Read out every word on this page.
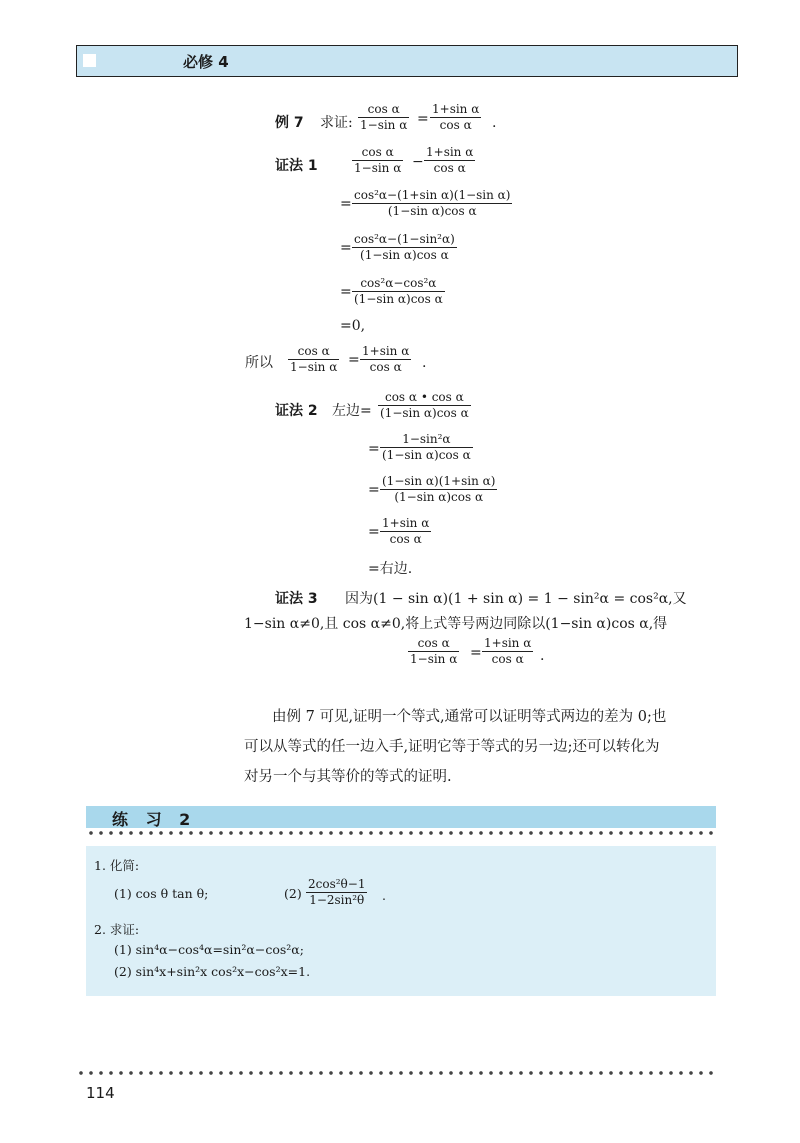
必修 4
例 7 求证: $\frac{\text{cos α}}{\text{1−sin α}} = \frac{\text{1+sin α}}{\text{cos α}}$ .
证法 1	$\frac{\text{cos α}}{\text{1−sin α}} - \frac{\text{1+sin α}}{\text{cos α}}$
= $\frac{\text{cos²α−(1+sin α)(1−sin α)}}{\text{(1−sin α)cos α}}$
= $\frac{\text{cos²α−(1−sin²α)}}{\text{(1−sin α)cos α}}$
= $\frac{\text{cos²α−cos²α}}{\text{(1−sin α)cos α}}$
=0,
所以 $\frac{\text{cos α}}{\text{1−sin α}} = \frac{\text{1+sin α}}{\text{cos α}}$ .
证法 2 左边= $\frac{\text{cos α • cos α}}{\text{(1−sin α)cos α}}$
= $\frac{\text{1−sin²α}}{\text{(1−sin α)cos α}}$
= $\frac{\text{(1−sin α)(1+sin α)}}{\text{(1−sin α)cos α}}$
= $\frac{\text{1+sin α}}{\text{cos α}}$
=右边.
证法 3 因为(1 − sin α)(1 + sin α) = 1 − sin²α = cos²α,又
1−sin α≠0,且 cos α≠0,将上式等号两边同除以(1−sin α)cos α,得
$\frac{\text{cos α}}{\text{1−sin α}} = \frac{\text{1+sin α}}{\text{cos α}}$ .
由例 7 可见,证明一个等式,通常可以证明等式两边的差为 0;也
可以从等式的任一边入手,证明它等于等式的另一边;还可以转化为
对另一个与其等价的等式的证明.
练 习 2
1. 化简:
(1) cos θ tan θ;	$(2) \frac{\text{2cos²θ−1}}{\text{1−2sin²θ}}$ .
2. 求证:
(1) sin⁴α−cos⁴α=sin²α−cos²α;
(2) sin⁴x+sin²x cos²x−cos²x=1.
114
